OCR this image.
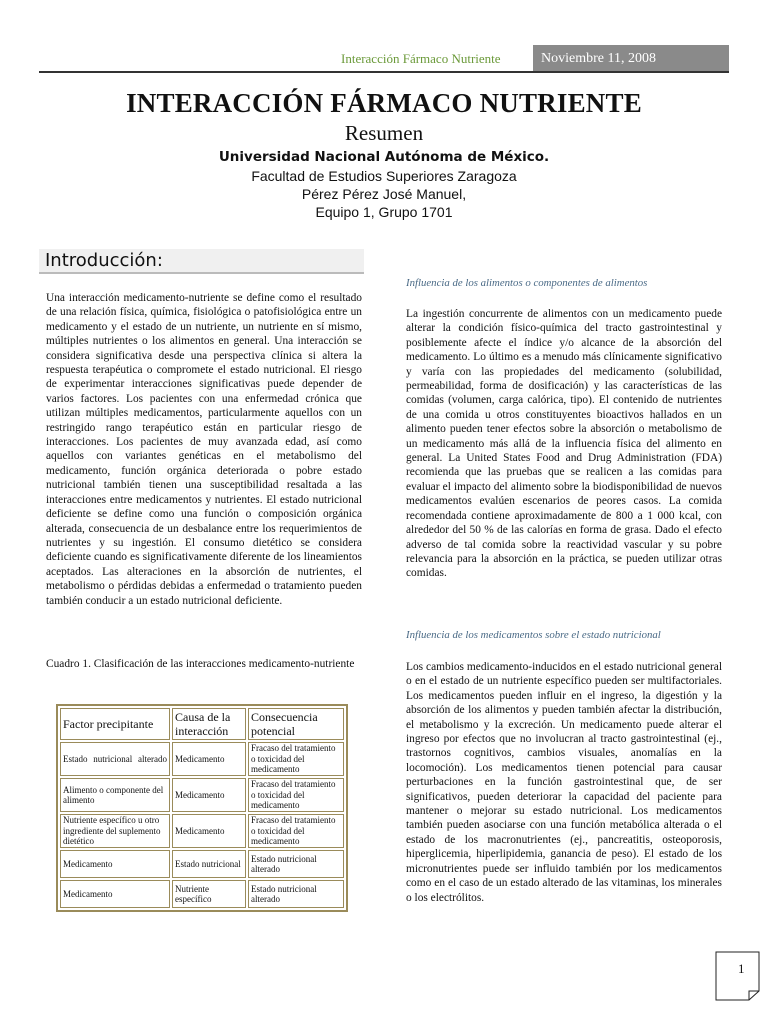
Interacción Fármaco Nutriente	Noviembre 11, 2008
INTERACCIÓN FÁRMACO NUTRIENTE
Resumen
Universidad Nacional Autónoma de México.
Facultad de Estudios Superiores Zaragoza
Pérez Pérez José Manuel,
Equipo 1, Grupo 1701
Introducción:
Una interacción medicamento-nutriente se define como el resultado de una relación física, química, fisiológica o patofisiológica entre un medicamento y el estado de un nutriente, un nutriente en sí mismo, múltiples nutrientes o los alimentos en general. Una interacción se considera significativa desde una perspectiva clínica si altera la respuesta terapéutica o compromete el estado nutricional. El riesgo de experimentar interacciones significativas puede depender de varios factores. Los pacientes con una enfermedad crónica que utilizan múltiples medicamentos, particularmente aquellos con un restringido rango terapéutico están en particular riesgo de interacciones. Los pacientes de muy avanzada edad, así como aquellos con variantes genéticas en el metabolismo del medicamento, función orgánica deteriorada o pobre estado nutricional también tienen una susceptibilidad resaltada a las interacciones entre medicamentos y nutrientes. El estado nutricional deficiente se define como una función o composición orgánica alterada, consecuencia de un desbalance entre los requerimientos de nutrientes y su ingestión. El consumo dietético se considera deficiente cuando es significativamente diferente de los lineamientos aceptados. Las alteraciones en la absorción de nutrientes, el metabolismo o pérdidas debidas a enfermedad o tratamiento pueden también conducir a un estado nutricional deficiente.
Cuadro 1. Clasificación de las interacciones medicamento-nutriente
Factor precipitante	Causa de la interacción	Consecuencia potencial
Estado nutricional alterado	Medicamento	Fracaso del tratamiento o toxicidad del medicamento
Alimento o componente del alimento	Medicamento	Fracaso del tratamiento o toxicidad del medicamento
Nutriente específico u otro ingrediente del suplemento dietético	Medicamento	Fracaso del tratamiento o toxicidad del medicamento
Medicamento	Estado nutricional	Estado nutricional alterado
Medicamento	Nutriente específico	Estado nutricional alterado
Influencia de los alimentos o componentes de alimentos
La ingestión concurrente de alimentos con un medicamento puede alterar la condición físico-química del tracto gastrointestinal y posiblemente afecte el índice y/o alcance de la absorción del medicamento. Lo último es a menudo más clínicamente significativo y varía con las propiedades del medicamento (solubilidad, permeabilidad, forma de dosificación) y las características de las comidas (volumen, carga calórica, tipo). El contenido de nutrientes de una comida u otros constituyentes bioactivos hallados en un alimento pueden tener efectos sobre la absorción o metabolismo de un medicamento más allá de la influencia física del alimento en general. La United States Food and Drug Administration (FDA) recomienda que las pruebas que se realicen a las comidas para evaluar el impacto del alimento sobre la biodisponibilidad de nuevos medicamentos evalúen escenarios de peores casos. La comida recomendada contiene aproximadamente de 800 a 1 000 kcal, con alrededor del 50 % de las calorías en forma de grasa. Dado el efecto adverso de tal comida sobre la reactividad vascular y su pobre relevancia para la absorción en la práctica, se pueden utilizar otras comidas.
Influencia de los medicamentos sobre el estado nutricional
Los cambios medicamento-inducidos en el estado nutricional general o en el estado de un nutriente específico pueden ser multifactoriales. Los medicamentos pueden influir en el ingreso, la digestión y la absorción de los alimentos y pueden también afectar la distribución, el metabolismo y la excreción. Un medicamento puede alterar el ingreso por efectos que no involucran al tracto gastrointestinal (ej., trastornos cognitivos, cambios visuales, anomalías en la locomoción). Los medicamentos tienen potencial para causar perturbaciones en la función gastrointestinal que, de ser significativos, pueden deteriorar la capacidad del paciente para mantener o mejorar su estado nutricional. Los medicamentos también pueden asociarse con una función metabólica alterada o el estado de los macronutrientes (ej., pancreatitis, osteoporosis, hiperglicemia, hiperlipidemia, ganancia de peso). El estado de los micronutrientes puede ser influido también por los medicamentos como en el caso de un estado alterado de las vitaminas, los minerales o los electrólitos.
1
